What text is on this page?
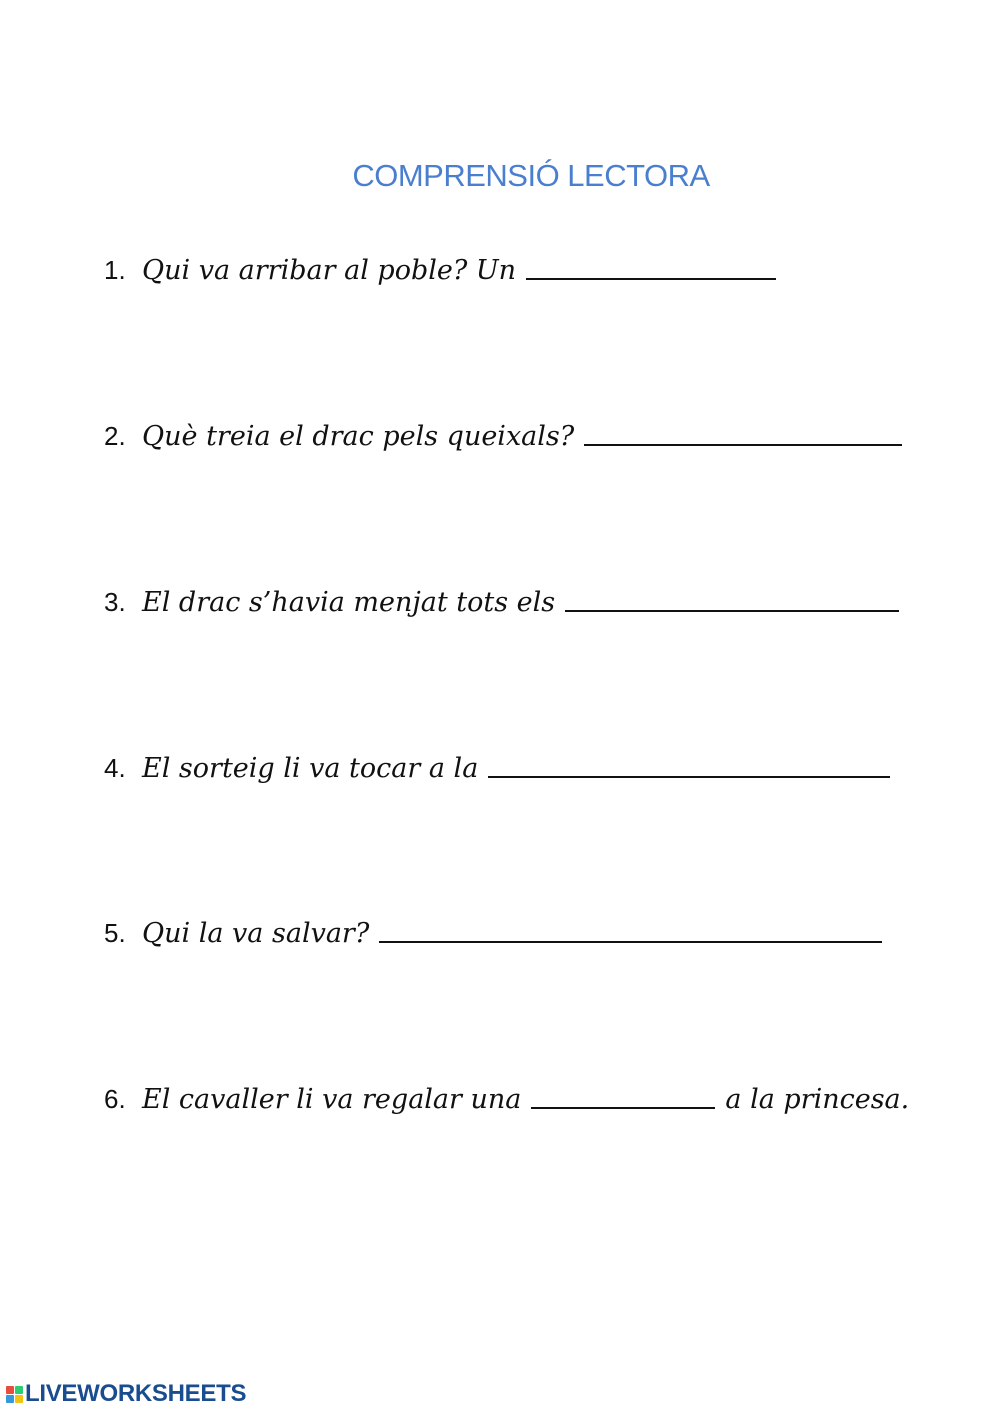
COMPRENSIÓ LECTORA
1. Qui va arribar al poble? Un
2. Què treia el drac pels queixals?
3. El drac s’havia menjat tots els
4. El sorteig li va tocar a la
5. Qui la va salvar?
6. El cavaller li va regalar una	a la princesa.
LIVEWORKSHEETS
